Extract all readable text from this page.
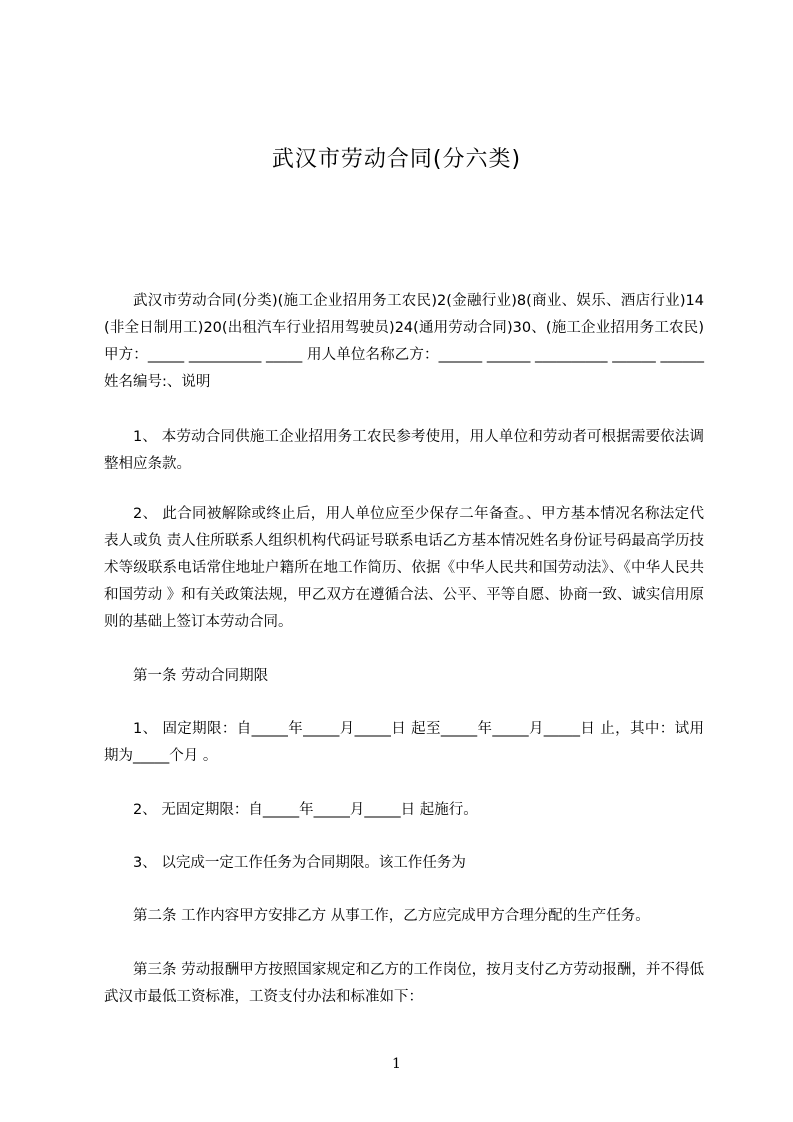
武汉市劳动合同(分六类)

武汉市劳动合同(分类)(施工企业招用务工农民)2(金融行业)8(商业、娱乐、酒店行业)14(非全日制用工)20(出租汽车行业招用驾驶员)24(通用劳动合同)30、(施工企业招用务工农民)甲方：_____ __________ _____ 用人单位名称乙方：______ ______ __________ ______ ______ 姓名编号:、说明

1、 本劳动合同供施工企业招用务工农民参考使用，用人单位和劳动者可根据需要依法调整相应条款。

2、 此合同被解除或终止后，用人单位应至少保存二年备查。、甲方基本情况名称法定代表人或负 责人住所联系人组织机构代码证号联系电话乙方基本情况姓名身份证号码最高学历技术等级联系电话常住地址户籍所在地工作简历、依据《中华人民共和国劳动法》、《中华人民共和国劳动 》和有关政策法规，甲乙双方在遵循合法、公平、平等自愿、协商一致、诚实信用原则的基础上签订本劳动合同。

第一条 劳动合同期限

1、 固定期限：自_____年_____月_____日 起至_____年_____月_____日 止，其中：试用期为_____个月 。

2、 无固定期限：自_____年_____月_____日 起施行。

3、 以完成一定工作任务为合同期限。该工作任务为

第二条 工作内容甲方安排乙方 从事工作，乙方应完成甲方合理分配的生产任务。

第三条 劳动报酬甲方按照国家规定和乙方的工作岗位，按月支付乙方劳动报酬，并不得低 武汉市最低工资标准，工资支付办法和标准如下：

1
